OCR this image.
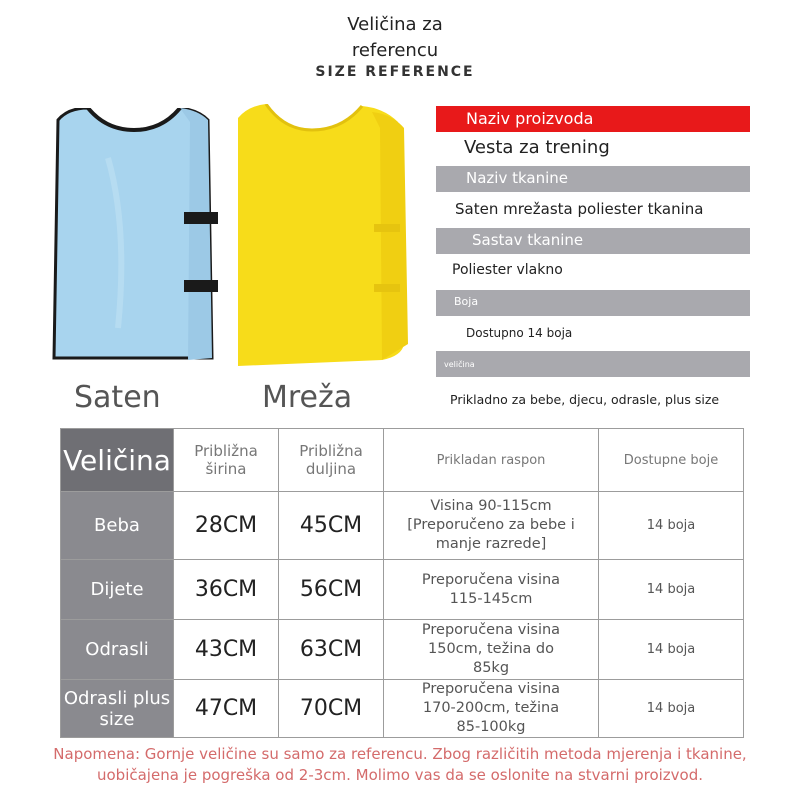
Veličina za
referencu
SIZE REFERENCE
Saten	Mreža
Naziv proizvoda
Vesta za trening
Naziv tkanine
Saten mrežasta poliester tkanina
Sastav tkanine
Poliester vlakno
Boja
Dostupno 14 boja
veličina
Prikladno za bebe, djecu, odrasle, plus size
Veličina	Približna širina	Približna duljina	Prikladan raspon	Dostupne boje
Beba	28CM	45CM	Visina 90-115cm [Preporučeno za bebe i manje razrede]	14 boja
Dijete	36CM	56CM	Preporučena visina 115-145cm	14 boja
Odrasli	43CM	63CM	Preporučena visina 150cm, težina do 85kg	14 boja
Odrasli plus size	47CM	70CM	Preporučena visina 170-200cm, težina 85-100kg	14 boja
Napomena: Gornje veličine su samo za referencu. Zbog različitih metoda mjerenja i tkanine, uobičajena je pogreška od 2-3cm. Molimo vas da se oslonite na stvarni proizvod.
